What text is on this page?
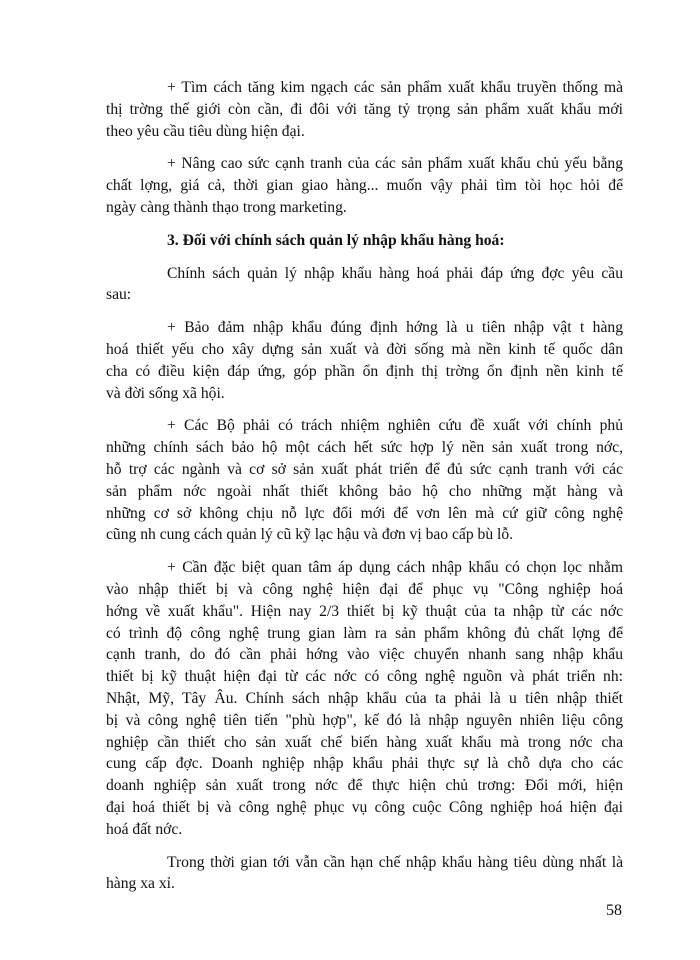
+ Tìm cách tăng kim ngạch các sản phẩm xuất khẩu truyền thống mà
thị trờng thế giới còn cần, đi đôi với tăng tỷ trọng sản phẩm xuất khẩu mới
theo yêu cầu tiêu dùng hiện đại.
+ Nâng cao sức cạnh tranh của các sản phẩm xuất khẩu chủ yếu bằng
chất lợng, giá cả, thời gian giao hàng... muốn vậy phải tìm tòi học hỏi để
ngày càng thành thạo trong marketing.
3. Đối với chính sách quản lý nhập khẩu hàng hoá:
Chính sách quản lý nhập khẩu hàng hoá phải đáp ứng đợc yêu cầu
sau:
+ Bảo đảm nhập khẩu đúng định hớng là u tiên nhập vật t hàng
hoá thiết yếu cho xây dựng sản xuất và đời sống mà nền kinh tế quốc dân
cha có điều kiện đáp ứng, góp phần ổn định thị trờng ổn định nền kinh tế
và đời sống xã hội.
+ Các Bộ phải có trách nhiệm nghiên cứu đề xuất với chính phủ
những chính sách bảo hộ một cách hết sức hợp lý nền sản xuất trong nớc,
hỗ trợ các ngành và cơ sở sản xuất phát triển để đủ sức cạnh tranh với các
sản phẩm nớc ngoài nhất thiết không bảo hộ cho những mặt hàng và
những cơ sở không chịu nỗ lực đổi mới để vơn lên mà cứ giữ công nghệ
cũng nh cung cách quản lý cũ kỹ lạc hậu và đơn vị bao cấp bù lỗ.
+ Cần đặc biệt quan tâm áp dụng cách nhập khẩu có chọn lọc nhằm
vào nhập thiết bị và công nghệ hiện đại để phục vụ "Công nghiệp hoá
hớng về xuất khẩu". Hiện nay 2/3 thiết bị kỹ thuật của ta nhập từ các nớc
có trình độ công nghệ trung gian làm ra sản phẩm không đủ chất lợng để
cạnh tranh, do đó cần phải hớng vào việc chuyển nhanh sang nhập khẩu
thiết bị kỹ thuật hiện đại từ các nớc có công nghệ nguồn và phát triển nh:
Nhật, Mỹ, Tây Âu. Chính sách nhập khẩu của ta phải là u tiên nhập thiết
bị và công nghệ tiên tiến "phù hợp", kế đó là nhập nguyên nhiên liệu công
nghiệp cần thiết cho sản xuất chế biến hàng xuất khẩu mà trong nớc cha
cung cấp đợc. Doanh nghiệp nhập khẩu phải thực sự là chỗ dựa cho các
doanh nghiệp sản xuất trong nớc để thực hiện chủ trơng: Đổi mới, hiện
đại hoá thiết bị và công nghệ phục vụ công cuộc Công nghiệp hoá hiện đại
hoá đất nớc.
Trong thời gian tới vẫn cần hạn chế nhập khẩu hàng tiêu dùng nhất là
hàng xa xỉ.
58
